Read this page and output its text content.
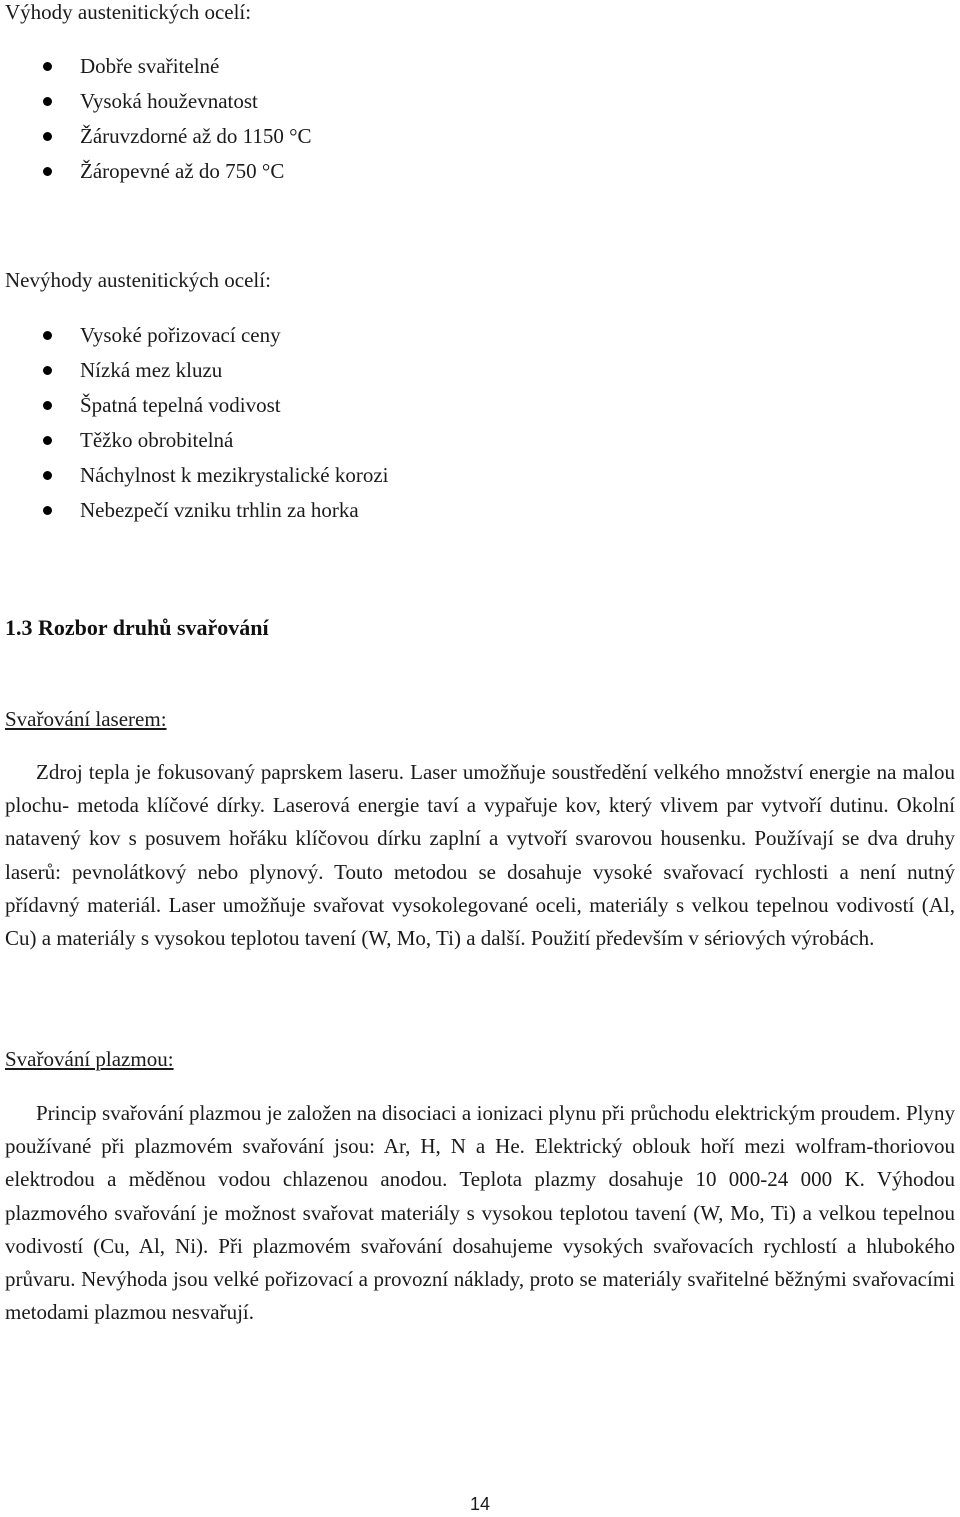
Výhody austenitických ocelí:
Dobře svařitelné
Vysoká houževnatost
Žáruvzdorné až do 1150 °C
Žáropevné až do 750 °C
Nevýhody austenitických ocelí:
Vysoké pořizovací ceny
Nízká mez kluzu
Špatná tepelná vodivost
Těžko obrobitelná
Náchylnost k mezikrystalické korozi
Nebezpečí vzniku trhlin za horka
1.3 Rozbor druhů svařování
Svařování laserem:

Zdroj tepla je fokusovaný paprskem laseru. Laser umožňuje soustředění velkého množství energie na malou plochu- metoda klíčové dírky. Laserová energie taví a vypařuje kov, který vlivem par vytvoří dutinu. Okolní natavený kov s posuvem hořáku klíčovou dírku zaplní a vytvoří svarovou housenku. Používají se dva druhy laserů: pevnolátkový nebo plynový. Touto metodou se dosahuje vysoké svařovací rychlosti a není nutný přídavný materiál. Laser umožňuje svařovat vysokolegované oceli, materiály s velkou tepelnou vodivostí (Al, Cu) a materiály s vysokou teplotou tavení (W, Mo, Ti) a další. Použití především v sériových výrobách.

Svařování plazmou:

Princip svařování plazmou je založen na disociaci a ionizaci plynu při průchodu elektrickým proudem. Plyny používané při plazmovém svařování jsou: Ar, H, N a He. Elektrický oblouk hoří mezi wolfram-thoriovou elektrodou a měděnou vodou chlazenou anodou. Teplota plazmy dosahuje 10 000-24 000 K. Výhodou plazmového svařování je možnost svařovat materiály s vysokou teplotou tavení (W, Mo, Ti) a velkou tepelnou vodivostí (Cu, Al, Ni). Při plazmovém svařování dosahujeme vysokých svařovacích rychlostí a hlubokého průvaru. Nevýhoda jsou velké pořizovací a provozní náklady, proto se materiály svařitelné běžnými svařovacími metodami plazmou nesvařují.

14
